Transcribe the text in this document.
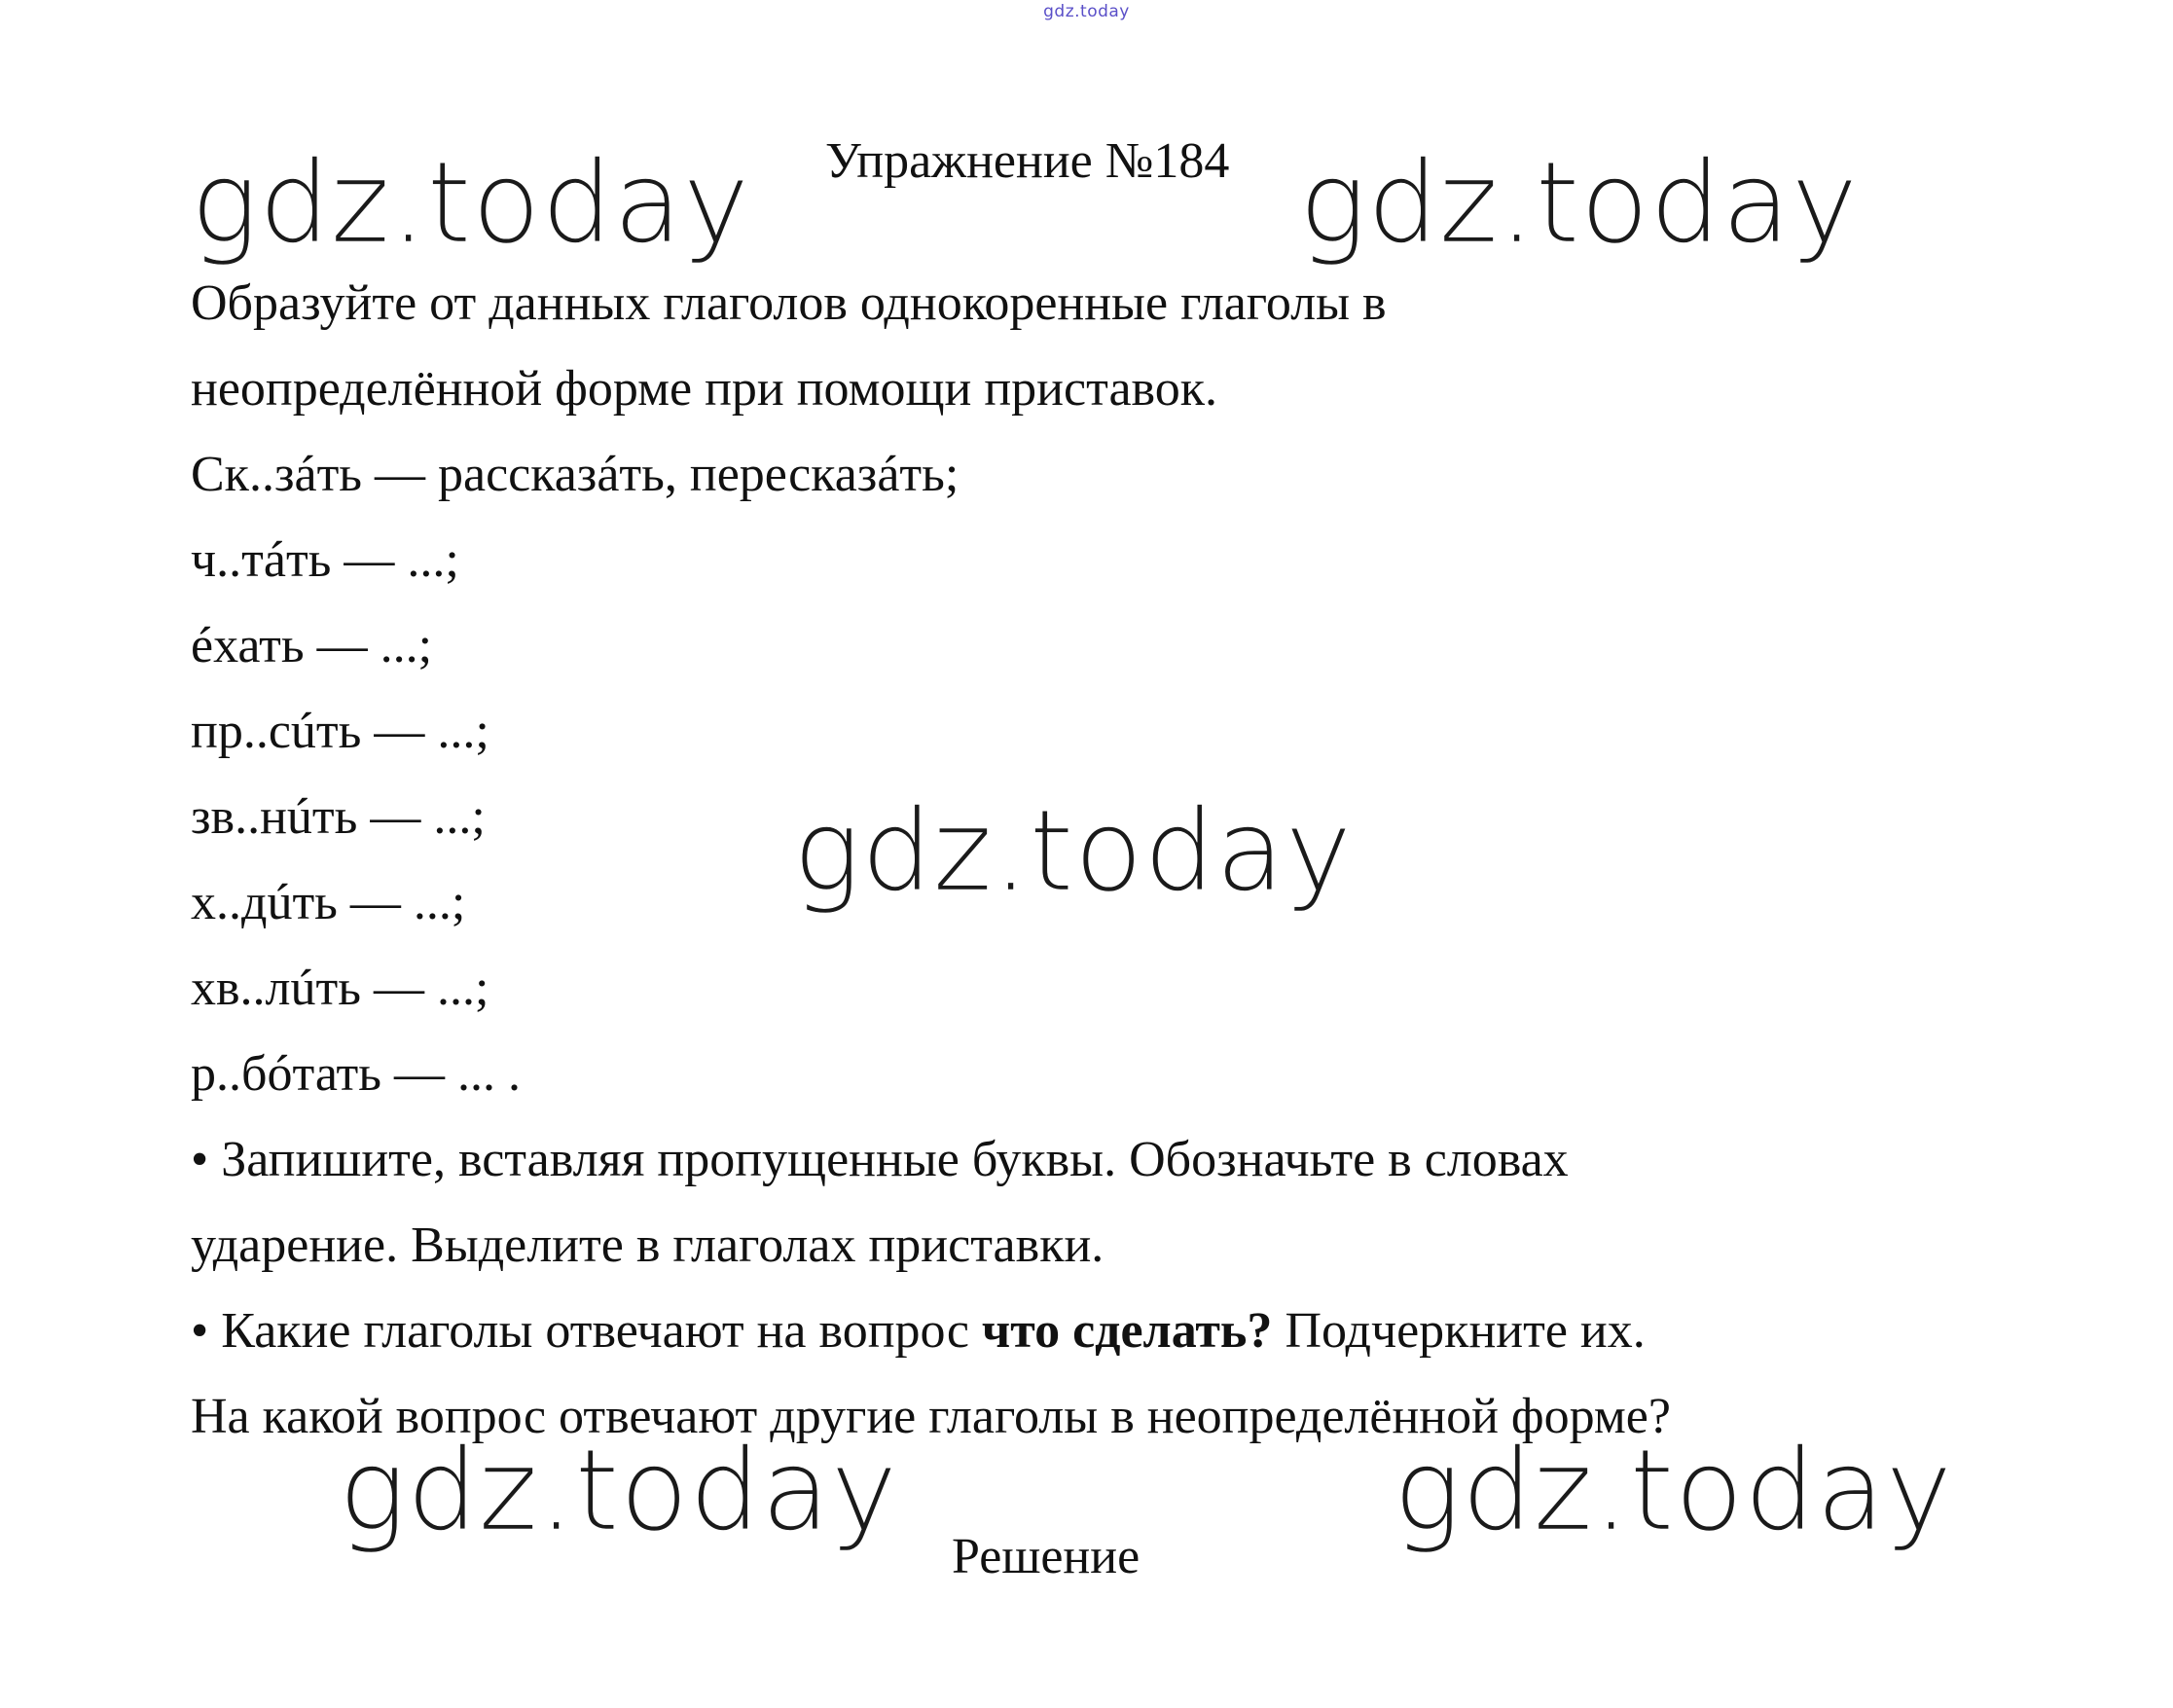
gdz.today
gdz.today	gdz.today
gdz.today
gdz.today	gdz.today
Упражнение №184
Образуйте от данных глаголов однокоренные глаголы в
неопределённой форме при помощи приставок.
Ск..зáть — рассказáть, пересказáть;
ч..тáть — ...;
éхать — ...;
пр..сúть — ...;
зв..нúть — ...;
х..дúть — ...;
хв..лúть — ...;
р..бóтать — ... .
• Запишите, вставляя пропущенные буквы. Обозначьте в словах
ударение. Выделите в глаголах приставки.
• Какие глаголы отвечают на вопрос что сделать? Подчеркните их.
На какой вопрос отвечают другие глаголы в неопределённой форме?
Решение
